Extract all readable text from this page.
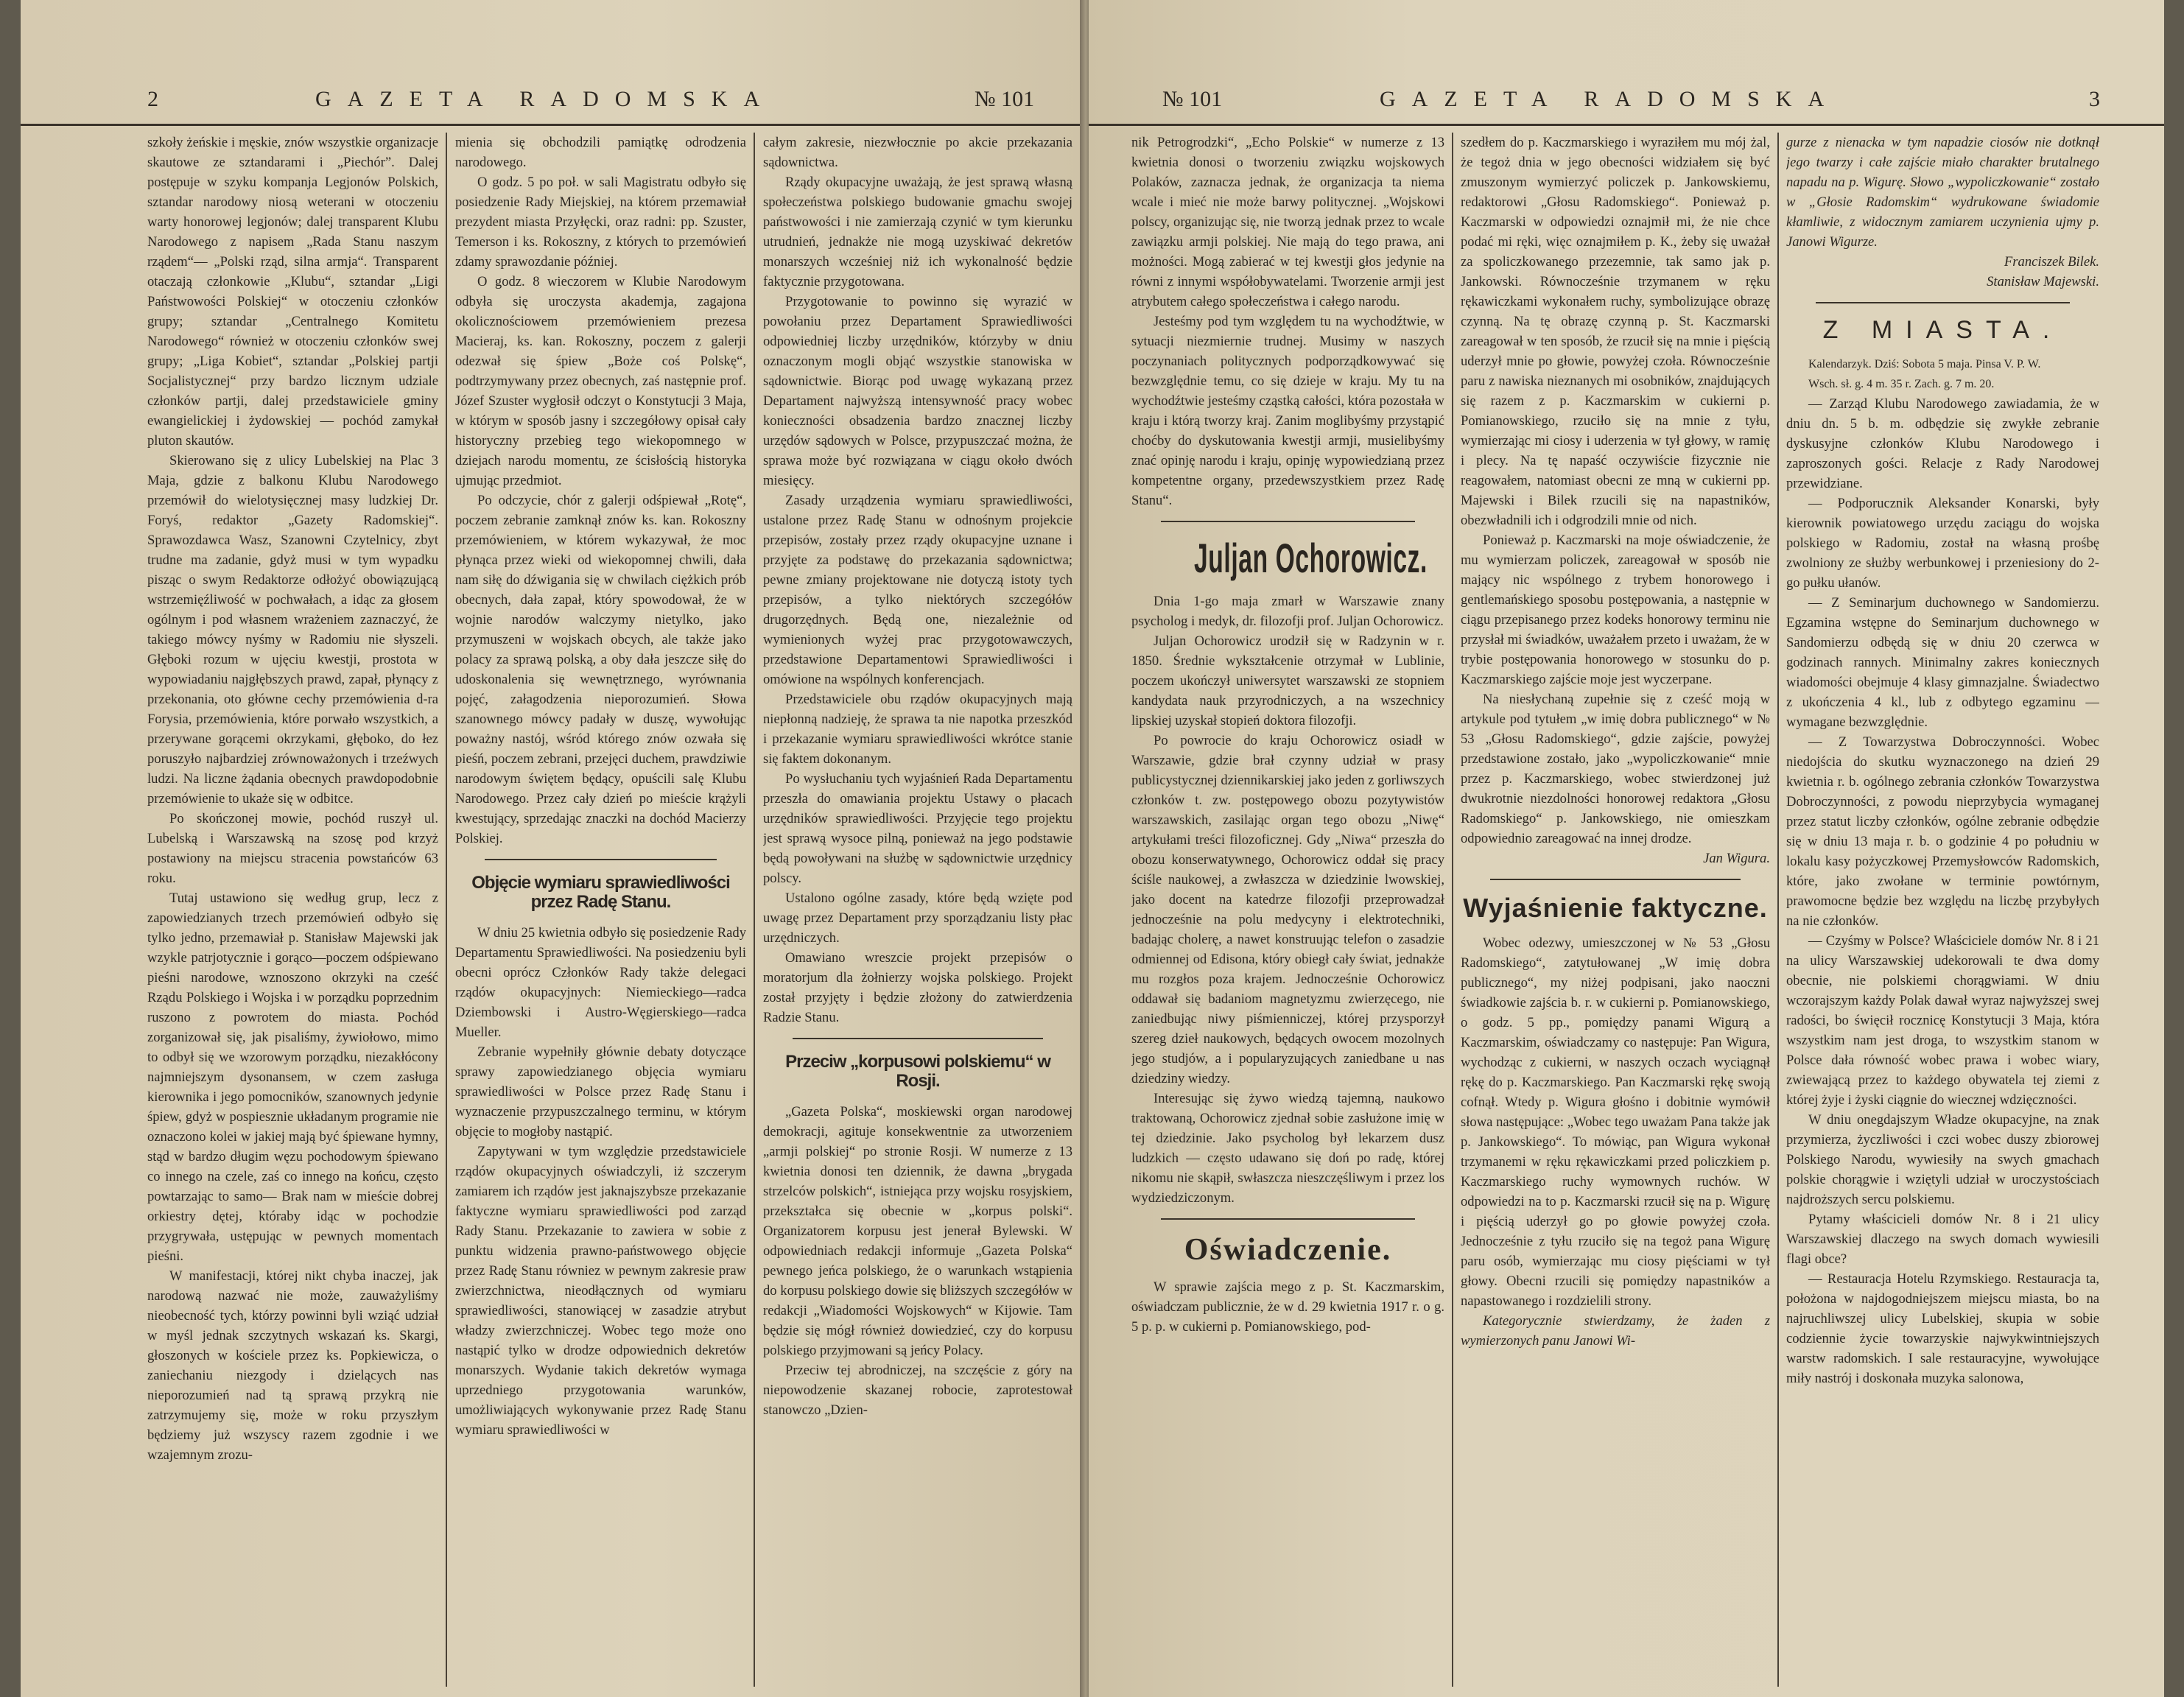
2	GAZETA RADOMSKA	№ 101

szkoły żeńskie i męskie, znów wszystkie organizacje skautowe ze sztandarami i „Piechór”. Dalej postępuje w szyku kompanja Legjonów Polskich, sztandar narodowy niosą weterani w otoczeniu warty honorowej legjonów; dalej transparent Klubu Narodowego z napisem „Rada Stanu naszym rządem“— „Polski rząd, silna armja“. Transparent otaczają członkowie „Klubu“, sztandar „Ligi Państwowości Polskiej“ w otoczeniu członków grupy; sztandar „Centralnego Komitetu Narodowego“ również w otoczeniu członków swej grupy; „Liga Kobiet“, sztandar „Polskiej partji Socjalistycznej“ przy bardzo licznym udziale członków partji, dalej przedstawiciele gminy ewangielickiej i żydowskiej — pochód zamykał pluton skautów.

Skierowano się z ulicy Lubelskiej na Plac 3 Maja, gdzie z balkonu Klubu Narodowego przemówił do wielotysięcznej masy ludzkiej Dr. Foryś, redaktor „Gazety Radomskiej“. Sprawozdawca Wasz, Szanowni Czytelnicy, zbyt trudne ma zadanie, gdyż musi w tym wypadku pisząc o swym Redaktorze odłożyć obowiązującą wstrzemięźliwość w pochwałach, a idąc za głosem ogólnym i pod własnem wrażeniem zaznaczyć, że takiego mówcy nyśmy w Radomiu nie słyszeli. Głęboki rozum w ujęciu kwestji, prostota w wypowiadaniu najgłębszych prawd, zapał, płynący z przekonania, oto główne cechy przemówienia d-ra Forysia, przemówienia, które porwało wszystkich, a przerywane gorącemi okrzykami, głęboko, do łez poruszyło najbardziej zrównoważonych i trzeźwych ludzi. Na liczne żądania obecnych prawdopodobnie przemówienie to ukaże się w odbitce.

Po skończonej mowie, pochód ruszył ul. Lubelską i Warszawską na szosę pod krzyż postawiony na miejscu stracenia powstańców 63 roku.

Tutaj ustawiono się według grup, lecz z zapowiedzianych trzech przemówień odbyło się tylko jedno, przemawiał p. Stanisław Majewski jak wzykle patrjotycznie i gorąco—poczem odśpiewano pieśni narodowe, wznoszono okrzyki na cześć Rządu Polskiego i Wojska i w porządku poprzednim ruszono z powrotem do miasta. Pochód zorganizował się, jak pisaliśmy, żywiołowo, mimo to odbył się we wzorowym porządku, niezakłócony najmniejszym dysonansem, w czem zasługa kierownika i jego pomocników, szanownych jedynie śpiew, gdyż w pospiesznie układanym programie nie oznaczono kolei w jakiej mają być śpiewane hymny, stąd w bardzo długim węzu pochodowym śpiewano co innego na czele, zaś co innego na końcu, często powtarzając to samo— Brak nam w mieście dobrej orkiestry dętej, któraby idąc w pochodzie przygrywała, ustępując w pewnych momentach pieśni.

W manifestacji, której nikt chyba inaczej, jak narodową nazwać nie może, zauważyliśmy nieobecność tych, którzy powinni byli wziąć udział w myśl jednak szczytnych wskazań ks. Skargi, głoszonych w kościele przez ks. Popkiewicza, o zaniechaniu niezgody i dzielących nas nieporozumień nad tą sprawą przykrą nie zatrzymujemy się, może w roku przyszłym będziemy już wszyscy razem zgodnie i we wzajemnym zrozu-

mienia się obchodzili pamiątkę odrodzenia narodowego.

O godz. 5 po poł. w sali Magistratu odbyło się posiedzenie Rady Miejskiej, na którem przemawiał prezydent miasta Przyłęcki, oraz radni: pp. Szuster, Temerson i ks. Rokoszny, z których to przemówień zdamy sprawozdanie później.

O godz. 8 wieczorem w Klubie Narodowym odbyła się uroczysta akademja, zagajona okolicznościowem przemówieniem prezesa Macieraj, ks. kan. Rokoszny, poczem z galerji odezwał się śpiew „Boże coś Polskę“, podtrzymywany przez obecnych, zaś następnie prof. Józef Szuster wygłosił odczyt o Konstytucji 3 Maja, w którym w sposób jasny i szczegółowy opisał cały historyczny przebieg tego wiekopomnego w dziejach narodu momentu, ze ścisłością historyka ujmując przedmiot.

Po odczycie, chór z galerji odśpiewał „Rotę“, poczem zebranie zamknął znów ks. kan. Rokoszny przemówieniem, w którem wykazywał, że moc płynąca przez wieki od wiekopomnej chwili, dała nam siłę do dźwigania się w chwilach ciężkich prób obecnych, dała zapał, który spowodował, że w wojnie narodów walczymy nietylko, jako przymuszeni w wojskach obcych, ale także jako polacy za sprawą polską, a oby dała jeszcze siłę do udoskonalenia się wewnętrznego, wyrównania pojęć, załagodzenia nieporozumień. Słowa szanownego mówcy padały w duszę, wywołując poważny nastój, wśród którego znów ozwała się pieśń, poczem zebrani, przejęci duchem, prawdziwie narodowym świętem będący, opuścili salę Klubu Narodowego. Przez cały dzień po mieście krążyli kwestujący, sprzedając znaczki na dochód Macierzy Polskiej.

Objęcie wymiaru sprawiedliwości przez Radę Stanu.

W dniu 25 kwietnia odbyło się posiedzenie Rady Departamentu Sprawiedliwości. Na posiedzeniu byli obecni oprócz Członków Rady także delegaci rządów okupacyjnych: Niemieckiego—radca Dziembowski i Austro-Węgierskiego—radca Mueller.

Zebranie wypełniły głównie debaty dotyczące sprawy zapowiedzianego objęcia wymiaru sprawiedliwości w Polsce przez Radę Stanu i wyznaczenie przypuszczalnego terminu, w którym objęcie to mogłoby nastąpić.

Zapytywani w tym względzie przedstawiciele rządów okupacyjnych oświadczyli, iż szczerym zamiarem ich rządów jest jaknajszybsze przekazanie faktyczne wymiaru sprawiedliwości pod zarząd Rady Stanu. Przekazanie to zawiera w sobie z punktu widzenia prawno-państwowego objęcie przez Radę Stanu równiez w pewnym zakresie praw zwierzchnictwa, nieodłącznych od wymiaru sprawiedliwości, stanowiącej w zasadzie atrybut władzy zwierzchniczej. Wobec tego może ono nastąpić tylko w drodze odpowiednich dekretów monarszych. Wydanie takich dekretów wymaga uprzedniego przygotowania warunków, umożliwiających wykonywanie przez Radę Stanu wymiaru sprawiedliwości w

całym zakresie, niezwłocznie po akcie przekazania sądownictwa.

Rządy okupacyjne uważają, że jest sprawą własną społeczeństwa polskiego budowanie gmachu swojej państwowości i nie zamierzają czynić w tym kierunku utrudnień, jednakże nie mogą uzyskiwać dekretów monarszych wcześniej niż ich wykonalność będzie faktycznie przygotowana.

Przygotowanie to powinno się wyrazić w powołaniu przez Departament Sprawiedliwości odpowiedniej liczby urzędników, którzyby w dniu oznaczonym mogli objąć wszystkie stanowiska w sądownictwie. Biorąc pod uwagę wykazaną przez Departament najwyższą intensywność pracy wobec konieczności obsadzenia bardzo znacznej liczby urzędów sądowych w Polsce, przypuszczać można, że sprawa może być rozwiązana w ciągu około dwóch miesięcy.

Zasady urządzenia wymiaru sprawiedliwości, ustalone przez Radę Stanu w odnośnym projekcie przepisów, zostały przez rządy okupacyjne uznane i przyjęte za podstawę do przekazania sądownictwa; pewne zmiany projektowane nie dotyczą istoty tych przepisów, a tylko niektórych szczegółów drugorzędnych. Będą one, niezależnie od wymienionych wyżej prac przygotowawczych, przedstawione Departamentowi Sprawiedliwości i omówione na wspólnych konferencjach.

Przedstawiciele obu rządów okupacyjnych mają niepłonną nadzieję, że sprawa ta nie napotka przeszkód i przekazanie wymiaru sprawiedliwości wkrótce stanie się faktem dokonanym.

Po wysłuchaniu tych wyjaśnień Rada Departamentu przeszła do omawiania projektu Ustawy o płacach urzędników sprawiedliwości. Przyjęcie tego projektu jest sprawą wysoce pilną, ponieważ na jego podstawie będą powoływani na służbę w sądownictwie urzędnicy polscy.

Ustalono ogólne zasady, które będą wzięte pod uwagę przez Departament przy sporządzaniu listy płac urzędniczych.

Omawiano wreszcie projekt przepisów o moratorjum dla żołnierzy wojska polskiego. Projekt został przyjęty i będzie złożony do zatwierdzenia Radzie Stanu.

Przeciw „korpusowi polskiemu“ w Rosji.

„Gazeta Polska“, moskiewski organ narodowej demokracji, agituje konsekwentnie za utworzeniem „armji polskiej“ po stronie Rosji. W numerze z 13 kwietnia donosi ten dziennik, że dawna „brygada strzelców polskich“, istniejąca przy wojsku rosyjskiem, przekształca się obecnie w „korpus polski“. Organizatorem korpusu jest jenerał Bylewski. W odpowiedniach redakcji informuje „Gazeta Polska“ pewnego jeńca polskiego, że o warunkach wstąpienia do korpusu polskiego dowie się bliższych szczegółów w redakcji „Wiadomości Wojskowych“ w Kijowie. Tam będzie się mógł również dowiedzieć, czy do korpusu polskiego przyjmowani są jeńcy Polacy.

Przeciw tej abrodniczej, na szczęście z góry na niepowodzenie skazanej robocie, zaprotestował stanowczo „Dzien-

№ 101	GAZETA RADOMSKA	3

nik Petrogrodzki“, „Echo Polskie“ w numerze z 13 kwietnia donosi o tworzeniu związku wojskowych Polaków, zaznacza jednak, że organizacja ta niema wcale i mieć nie może barwy politycznej. „Wojskowi polscy, organizując się, nie tworzą jednak przez to wcale zawiązku armji polskiej. Nie mają do tego prawa, ani możności. Mogą zabierać w tej kwestji głos jedynie na równi z innymi współobywatelami. Tworzenie armji jest atrybutem całego społeczeństwa i całego narodu.

Jesteśmy pod tym względem tu na wychodźtwie, w sytuacji niezmiernie trudnej. Musimy w naszych poczynaniach politycznych podporządkowywać się bezwzględnie temu, co się dzieje w kraju. My tu na wychodźtwie jesteśmy cząstką całości, która pozostała w kraju i którą tworzy kraj. Zanim moglibyśmy przystąpić choćby do dyskutowania kwestji armji, musielibyśmy znać opinję narodu i kraju, opinję wypowiedzianą przez kompetentne organy, przedewszystkiem przez Radę Stanu“.

Juljan Ochorowicz.

Dnia 1-go maja zmarł w Warszawie znany psycholog i medyk, dr. filozofji prof. Juljan Ochorowicz.

Juljan Ochorowicz urodził się w Radzynin w r. 1850. Średnie wykształcenie otrzymał w Lublinie, poczem ukończył uniwersytet warszawski ze stopniem kandydata nauk przyrodniczych, a na wszechnicy lipskiej uzyskał stopień doktora filozofji.

Po powrocie do kraju Ochorowicz osiadł w Warszawie, gdzie brał czynny udział w prasy publicystycznej dziennikarskiej jako jeden z gorliwszych członków t. zw. postępowego obozu pozytywistów warszawskich, zasilając organ tego obozu „Niwę“ artykułami treści filozoficznej. Gdy „Niwa“ przeszła do obozu konserwatywnego, Ochorowicz oddał się pracy ściśle naukowej, a zwłaszcza w dziedzinie lwowskiej, jako docent na katedrze filozofji przeprowadzał jednocześnie na polu medycyny i elektrotechniki, badając cholerę, a nawet konstruując telefon o zasadzie odmiennej od Edisona, który obiegł cały świat, jednakże mu rozgłos poza krajem. Jednocześnie Ochorowicz oddawał się badaniom magnetyzmu zwierzęcego, nie zaniedbując niwy piśmienniczej, której przysporzył szereg dzieł naukowych, będących owocem mozolnych jego studjów, a i popularyzujących zaniedbane u nas dziedziny wiedzy.

Interesując się żywo wiedzą tajemną, naukowo traktowaną, Ochorowicz zjednał sobie zasłużone imię w tej dziedzinie. Jako psycholog był lekarzem dusz ludzkich — często udawano się doń po radę, której nikomu nie skąpił, swłaszcza nieszczęśliwym i przez los wydziedziczonym.

Oświadczenie.

W sprawie zajścia mego z p. St. Kaczmarskim, oświadczam publicznie, że w d. 29 kwietnia 1917 r. o g. 5 p. p. w cukierni p. Pomianowskiego, pod-

szedłem do p. Kaczmarskiego i wyraziłem mu mój żal, że tegoż dnia w jego obecności widziałem się być zmuszonym wymierzyć policzek p. Jankowskiemu, redaktorowi „Głosu Radomskiego“. Ponieważ p. Kaczmarski w odpowiedzi oznajmił mi, że nie chce podać mi ręki, więc oznajmiłem p. K., żeby się uważał za spoliczkowanego przezemnie, tak samo jak p. Jankowski. Równocześnie trzymanem w ręku rękawiczkami wykonałem ruchy, symbolizujące obrazę czynną. Na tę obrazę czynną p. St. Kaczmarski zareagował w ten sposób, że rzucił się na mnie i pięścią uderzył mnie po głowie, powyżej czoła. Równocześnie paru z nawiska nieznanych mi osobników, znajdujących się razem z p. Kaczmarskim w cukierni p. Pomianowskiego, rzuciło się na mnie z tyłu, wymierzając mi ciosy i uderzenia w tył głowy, w ramię i plecy. Na tę napaść oczywiście fizycznie nie reagowałem, natomiast obecni ze mną w cukierni pp. Majewski i Bilek rzucili się na napastników, obezwładnili ich i odgrodzili mnie od nich.

Ponieważ p. Kaczmarski na moje oświadczenie, że mu wymierzam policzek, zareagował w sposób nie mający nic wspólnego z trybem honorowego i gentlemańskiego sposobu postępowania, a następnie w ciągu przepisanego przez kodeks honorowy terminu nie przysłał mi świadków, uważałem przeto i uważam, że w trybie postępowania honorowego w stosunku do p. Kaczmarskiego zajście moje jest wyczerpane.

Na niesłychaną zupełnie się z cześć moją w artykule pod tytułem „w imię dobra publicznego“ w № 53 „Głosu Radomskiego“, gdzie zajście, powyżej przedstawione zostało, jako „wypoliczkowanie“ mnie przez p. Kaczmarskiego, wobec stwierdzonej już dwukrotnie niezdolności honorowej redaktora „Głosu Radomskiego“ p. Jankowskiego, nie omieszkam odpowiednio zareagować na innej drodze.

Jan Wigura.

Wyjaśnienie faktyczne.

Wobec odezwy, umieszczonej w № 53 „Głosu Radomskiego“, zatytułowanej „W imię dobra publicznego“, my niżej podpisani, jako naoczni świadkowie zajścia b. r. w cukierni p. Pomianowskiego, o godz. 5 pp., pomiędzy panami Wigurą a Kaczmarskim, oświadczamy co następuje: Pan Wigura, wychodząc z cukierni, w naszych oczach wyciągnął rękę do p. Kaczmarskiego. Pan Kaczmarski rękę swoją cofnął. Wtedy p. Wigura głośno i dobitnie wymówił słowa następujące: „Wobec tego uważam Pana także jak p. Jankowskiego“. To mówiąc, pan Wigura wykonał trzymanemi w ręku rękawiczkami przed policzkiem p. Kaczmarskiego ruchy wymownych ruchów. W odpowiedzi na to p. Kaczmarski rzucił się na p. Wigurę i pięścią uderzył go po głowie powyżej czoła. Jednocześnie z tyłu rzuciło się na tegoż pana Wigurę paru osób, wymierzając mu ciosy pięściami w tył głowy. Obecni rzucili się pomiędzy napastników a napastowanego i rozdzielili strony.

Kategorycznie stwierdzamy, że żaden z wymierzonych panu Janowi Wi-

gurze z nienacka w tym napadzie ciosów nie dotknął jego twarzy i całe zajście miało charakter brutalnego napadu na p. Wigurę. Słowo „wypoliczkowanie“ zostało w „Głosie Radomskim“ wydrukowane świadomie kłamliwie, z widocznym zamiarem uczynienia ujmy p. Janowi Wigurze.

Franciszek Bilek.

Stanisław Majewski.

Z MIASTA.

Kalendarzyk. Dziś: Sobota 5 maja. Pinsa V. P. W.

Wsch. sł. g. 4 m. 35 r. Zach. g. 7 m. 20.

— Zarząd Klubu Narodowego zawiadamia, że w dniu dn. 5 b. m. odbędzie się zwykłe zebranie dyskusyjne członków Klubu Narodowego i zaproszonych gości. Relacje z Rady Narodowej przewidziane.

— Podporucznik Aleksander Konarski, były kierownik powiatowego urzędu zaciągu do wojska polskiego w Radomiu, został na własną prośbę zwolniony ze służby werbunkowej i przeniesiony do 2-go pułku ułanów.

— Z Seminarjum duchownego w Sandomierzu. Egzamina wstępne do Seminarjum duchownego w Sandomierzu odbędą się w dniu 20 czerwca w godzinach rannych. Minimalny zakres koniecznych wiadomości obejmuje 4 klasy gimnazjalne. Świadectwo z ukończenia 4 kl., lub z odbytego egzaminu — wymagane bezwzględnie.

— Z Towarzystwa Dobroczynności. Wobec niedojścia do skutku wyznaczonego na dzień 29 kwietnia r. b. ogólnego zebrania członków Towarzystwa Dobroczynności, z powodu nieprzybycia wymaganej przez statut liczby członków, ogólne zebranie odbędzie się w dniu 13 maja r. b. o godzinie 4 po południu w lokalu kasy pożyczkowej Przemysłowców Radomskich, które, jako zwołane w terminie powtórnym, prawomocne będzie bez względu na liczbę przybyłych na nie członków.

— Czyśmy w Polsce? Właściciele domów Nr. 8 i 21 na ulicy Warszawskiej udekorowali te dwa domy obecnie, nie polskiemi chorągwiami. W dniu wczorajszym każdy Polak dawał wyraz najwyższej swej radości, bo święcił rocznicę Konstytucji 3 Maja, która wszystkim nam jest droga, to wszystkim stanom w Polsce dała równość wobec prawa i wobec wiary, zwiewającą przez to każdego obywatela tej ziemi z której żyje i żyski ciągnie do wiecznej wdzięczności.

W dniu onegdajszym Władze okupacyjne, na znak przymierza, życzliwości i czci wobec duszy zbiorowej Polskiego Narodu, wywiesiły na swych gmachach polskie chorągwie i wziętyli udział w uroczystościach najdroższych sercu polskiemu.

Pytamy właścicieli domów Nr. 8 i 21 ulicy Warszawskiej dlaczego na swych domach wywiesili flagi obce?

— Restauracja Hotelu Rzymskiego. Restauracja ta, położona w najdogodniejszem miejscu miasta, bo na najruchliwszej ulicy Lubelskiej, skupia w sobie codziennie życie towarzyskie najwykwintniejszych warstw radomskich. I sale restauracyjne, wywołujące miły nastrój i doskonała muzyka salonowa,
